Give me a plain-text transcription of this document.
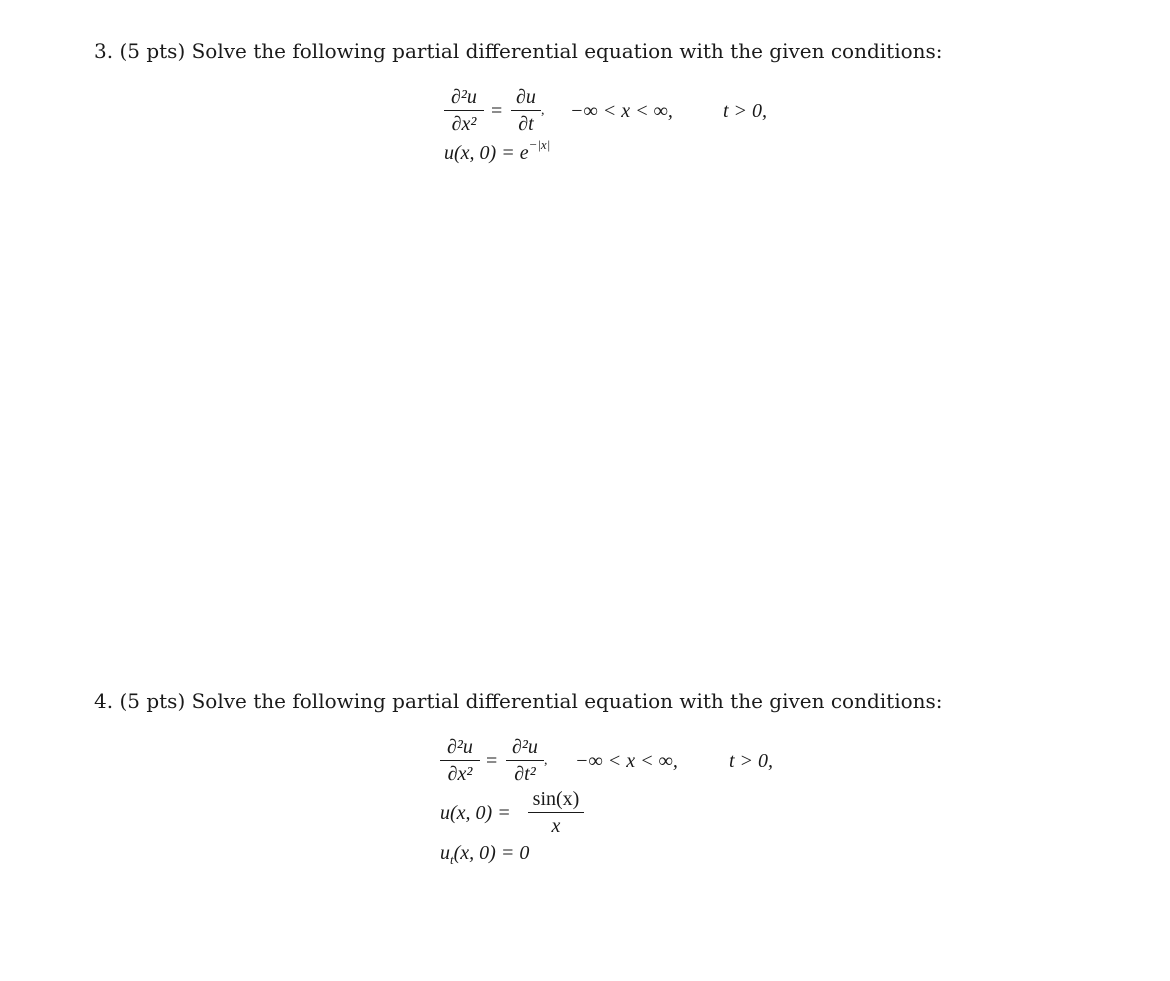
3. (5 pts) Solve the following partial differential equation with the given conditions:
∂²u
∂x²
=
∂u
∂t
, −∞ < x < ∞,	t > 0,
u(x, $0) = e^{-|x|}$
4. (5 pts) Solve the following partial differential equation with the given conditions:
∂²u
∂x²
=
∂²u
∂t²
, −∞ < x < ∞,	t > 0,
u(x, 0) =
sin(x)
x
$u_t(x$, 0) = 0
